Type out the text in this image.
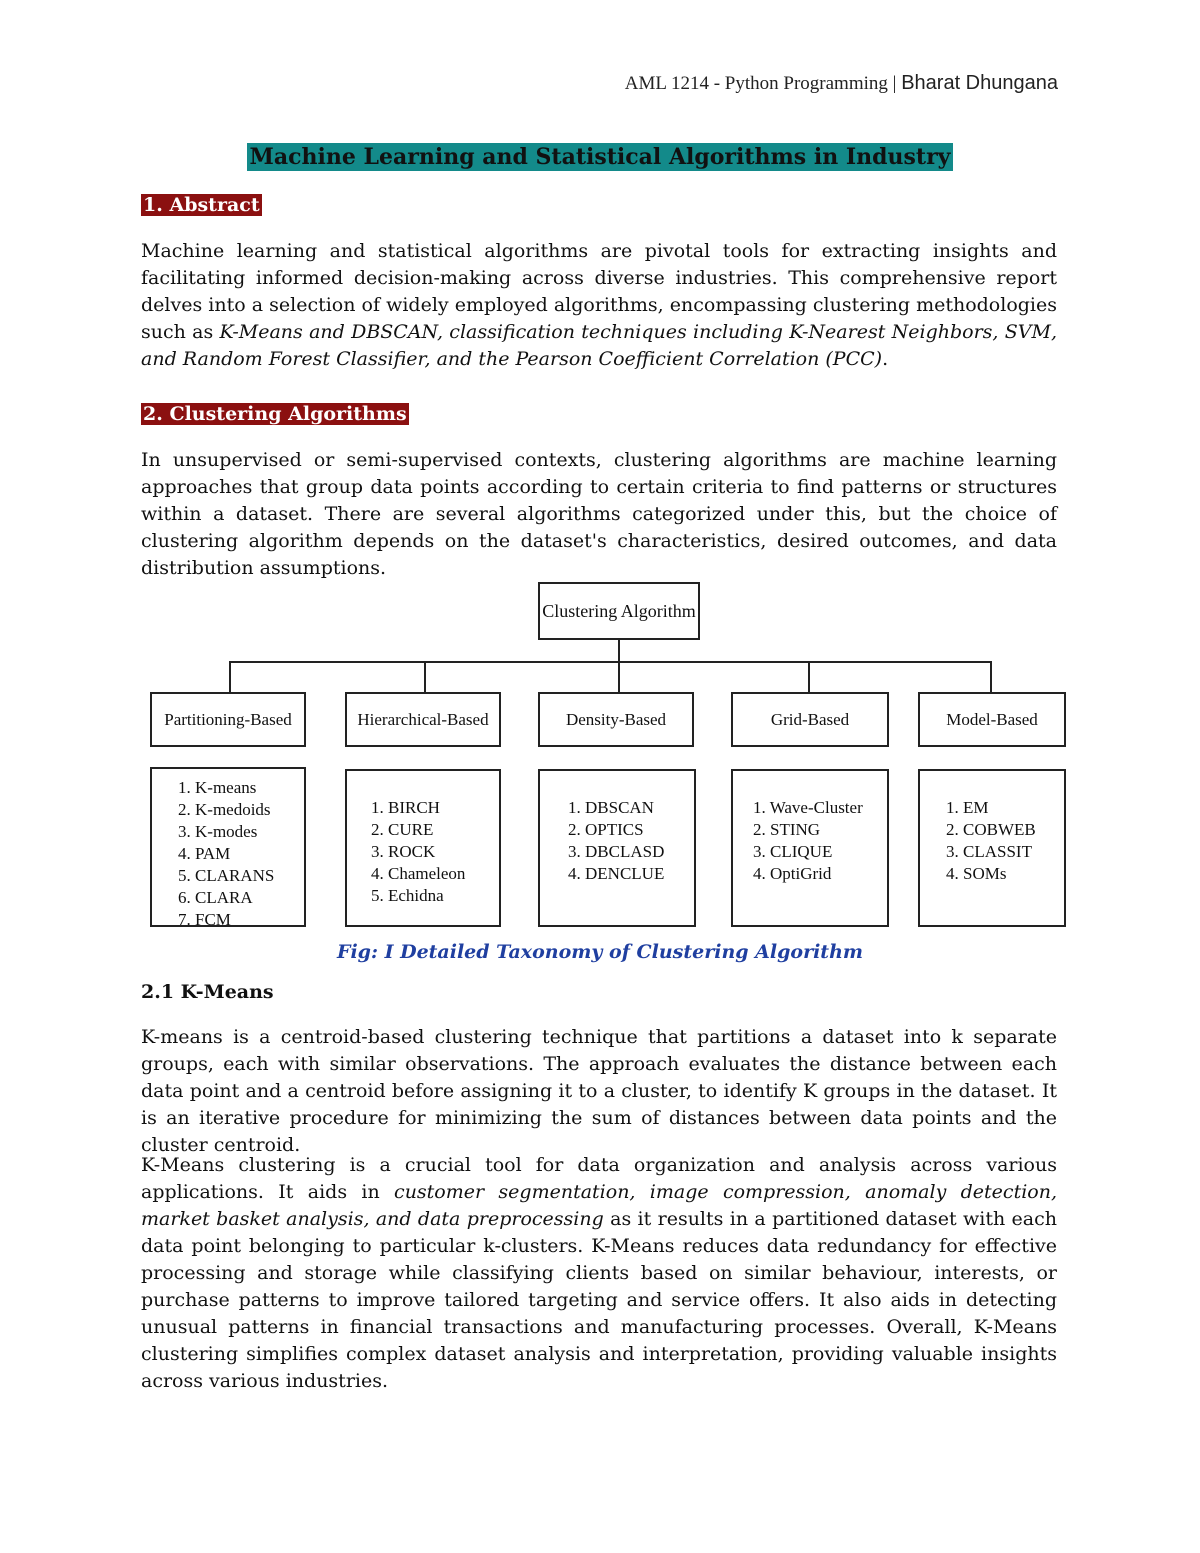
AML 1214 - Python Programming | Bharat Dhungana
Machine Learning and Statistical Algorithms in Industry
1. Abstract

Machine learning and statistical algorithms are pivotal tools for extracting insights and facilitating informed decision-making across diverse industries. This comprehensive report delves into a selection of widely employed algorithms, encompassing clustering methodologies such as K-Means and DBSCAN, classification techniques including K-Nearest Neighbors, SVM, and Random Forest Classifier, and the Pearson Coefficient Correlation (PCC).

2. Clustering Algorithms

In unsupervised or semi-supervised contexts, clustering algorithms are machine learning approaches that group data points according to certain criteria to find patterns or structures within a dataset. There are several algorithms categorized under this, but the choice of clustering algorithm depends on the dataset's characteristics, desired outcomes, and data distribution assumptions.

Clustering Algorithm
Partitioning-Based	Hierarchical-Based	Density-Based	Grid-Based	Model-Based
1. K-means
2. K-medoids
3. K-modes
4. PAM
5. CLARANS
6. CLARA
7. FCM
1. BIRCH
2. CURE
3. ROCK
4. Chameleon
5. Echidna
1. DBSCAN
2. OPTICS
3. DBCLASD
4. DENCLUE
1. Wave-Cluster
2. STING
3. CLIQUE
4. OptiGrid
1. EM
2. COBWEB
3. CLASSIT
4. SOMs
Fig: I Detailed Taxonomy of Clustering Algorithm
2.1 K-Means

K-means is a centroid-based clustering technique that partitions a dataset into k separate groups, each with similar observations. The approach evaluates the distance between each data point and a centroid before assigning it to a cluster, to identify K groups in the dataset. It is an iterative procedure for minimizing the sum of distances between data points and the cluster centroid.

K-Means clustering is a crucial tool for data organization and analysis across various applications. It aids in customer segmentation, image compression, anomaly detection, market basket analysis, and data preprocessing as it results in a partitioned dataset with each data point belonging to particular k-clusters. K-Means reduces data redundancy for effective processing and storage while classifying clients based on similar behaviour, interests, or purchase patterns to improve tailored targeting and service offers. It also aids in detecting unusual patterns in financial transactions and manufacturing processes. Overall, K-Means clustering simplifies complex dataset analysis and interpretation, providing valuable insights across various industries.
